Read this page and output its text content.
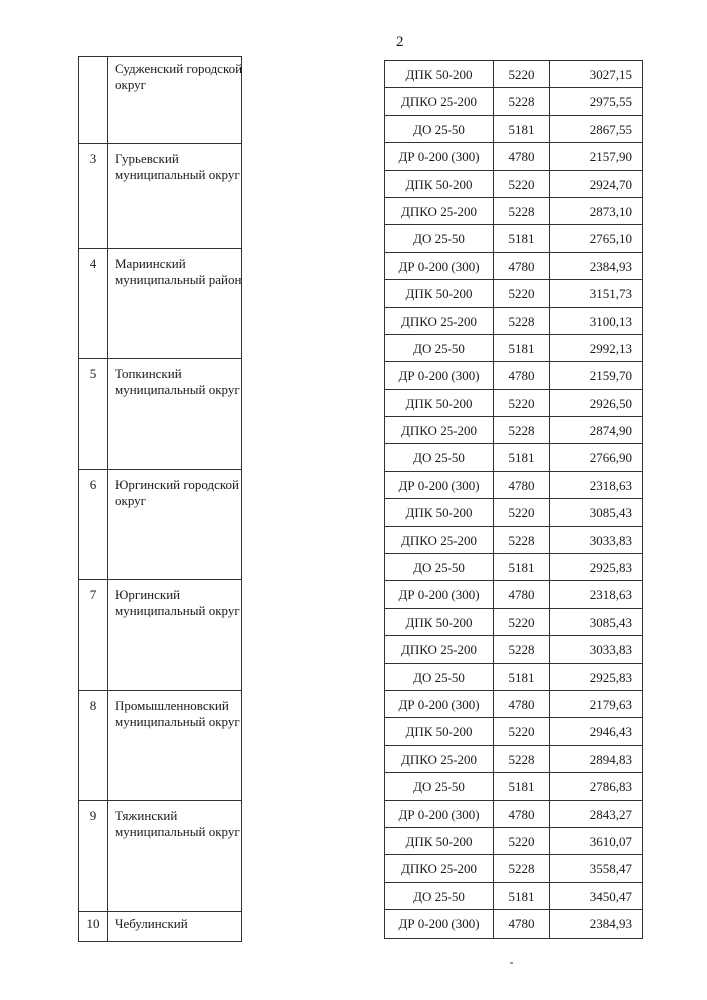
2
Судженский городской округ
3	Гурьевский муниципальный округ
4	Мариинский муниципальный район
5	Топкинский муниципальный округ
6	Юргинский городской округ
7	Юргинский муниципальный округ
8	Промышленновский муниципальный округ
9	Тяжинский муниципальный округ
10	Чебулинский
ДПК 50-200	5220	3027,15
ДПКО 25-200	5228	2975,55
ДО 25-50	5181	2867,55
ДР 0-200 (300)	4780	2157,90
ДПК 50-200	5220	2924,70
ДПКО 25-200	5228	2873,10
ДО 25-50	5181	2765,10
ДР 0-200 (300)	4780	2384,93
ДПК 50-200	5220	3151,73
ДПКО 25-200	5228	3100,13
ДО 25-50	5181	2992,13
ДР 0-200 (300)	4780	2159,70
ДПК 50-200	5220	2926,50
ДПКО 25-200	5228	2874,90
ДО 25-50	5181	2766,90
ДР 0-200 (300)	4780	2318,63
ДПК 50-200	5220	3085,43
ДПКО 25-200	5228	3033,83
ДО 25-50	5181	2925,83
ДР 0-200 (300)	4780	2318,63
ДПК 50-200	5220	3085,43
ДПКО 25-200	5228	3033,83
ДО 25-50	5181	2925,83
ДР 0-200 (300)	4780	2179,63
ДПК 50-200	5220	2946,43
ДПКО 25-200	5228	2894,83
ДО 25-50	5181	2786,83
ДР 0-200 (300)	4780	2843,27
ДПК 50-200	5220	3610,07
ДПКО 25-200	5228	3558,47
ДО 25-50	5181	3450,47
ДР 0-200 (300)	4780	2384,93
